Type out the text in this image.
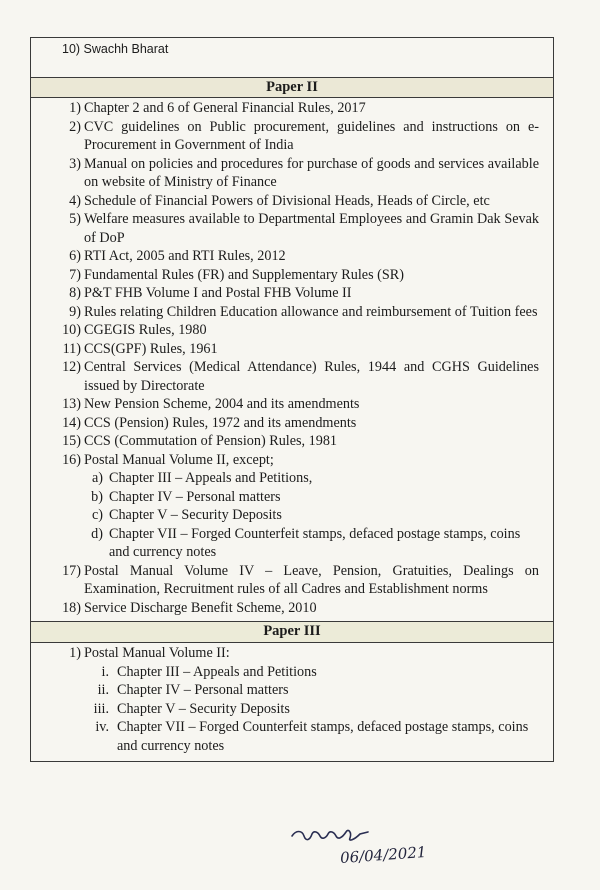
10) Swachh Bharat
Paper II
1) Chapter 2 and 6 of General Financial Rules, 2017
2) CVC guidelines on Public procurement, guidelines and instructions on e-Procurement in Government of India
3) Manual on policies and procedures for purchase of goods and services available on website of Ministry of Finance
4) Schedule of Financial Powers of Divisional Heads, Heads of Circle, etc
5) Welfare measures available to Departmental Employees and Gramin Dak Sevak of DoP
6) RTI Act, 2005 and RTI Rules, 2012
7) Fundamental Rules (FR) and Supplementary Rules (SR)
8) P&T FHB Volume I and Postal FHB Volume II
9) Rules relating Children Education allowance and reimbursement of Tuition fees
10) CGEGIS Rules, 1980
11) CCS(GPF) Rules, 1961
12) Central Services (Medical Attendance) Rules, 1944 and CGHS Guidelines issued by Directorate
13) New Pension Scheme, 2004 and its amendments
14) CCS (Pension) Rules, 1972 and its amendments
15) CCS (Commutation of Pension) Rules, 1981
16) Postal Manual Volume II, except;
a) Chapter III – Appeals and Petitions,
b) Chapter IV – Personal matters
c) Chapter V – Security Deposits
d) Chapter VII – Forged Counterfeit stamps, defaced postage stamps, coins and currency notes
17) Postal Manual Volume IV – Leave, Pension, Gratuities, Dealings on Examination, Recruitment rules of all Cadres and Establishment norms
18) Service Discharge Benefit Scheme, 2010
Paper III
1) Postal Manual Volume II:
i. Chapter III – Appeals and Petitions
ii. Chapter IV – Personal matters
iii. Chapter V – Security Deposits
iv. Chapter VII – Forged Counterfeit stamps, defaced postage stamps, coins and currency notes
06/04/2021
